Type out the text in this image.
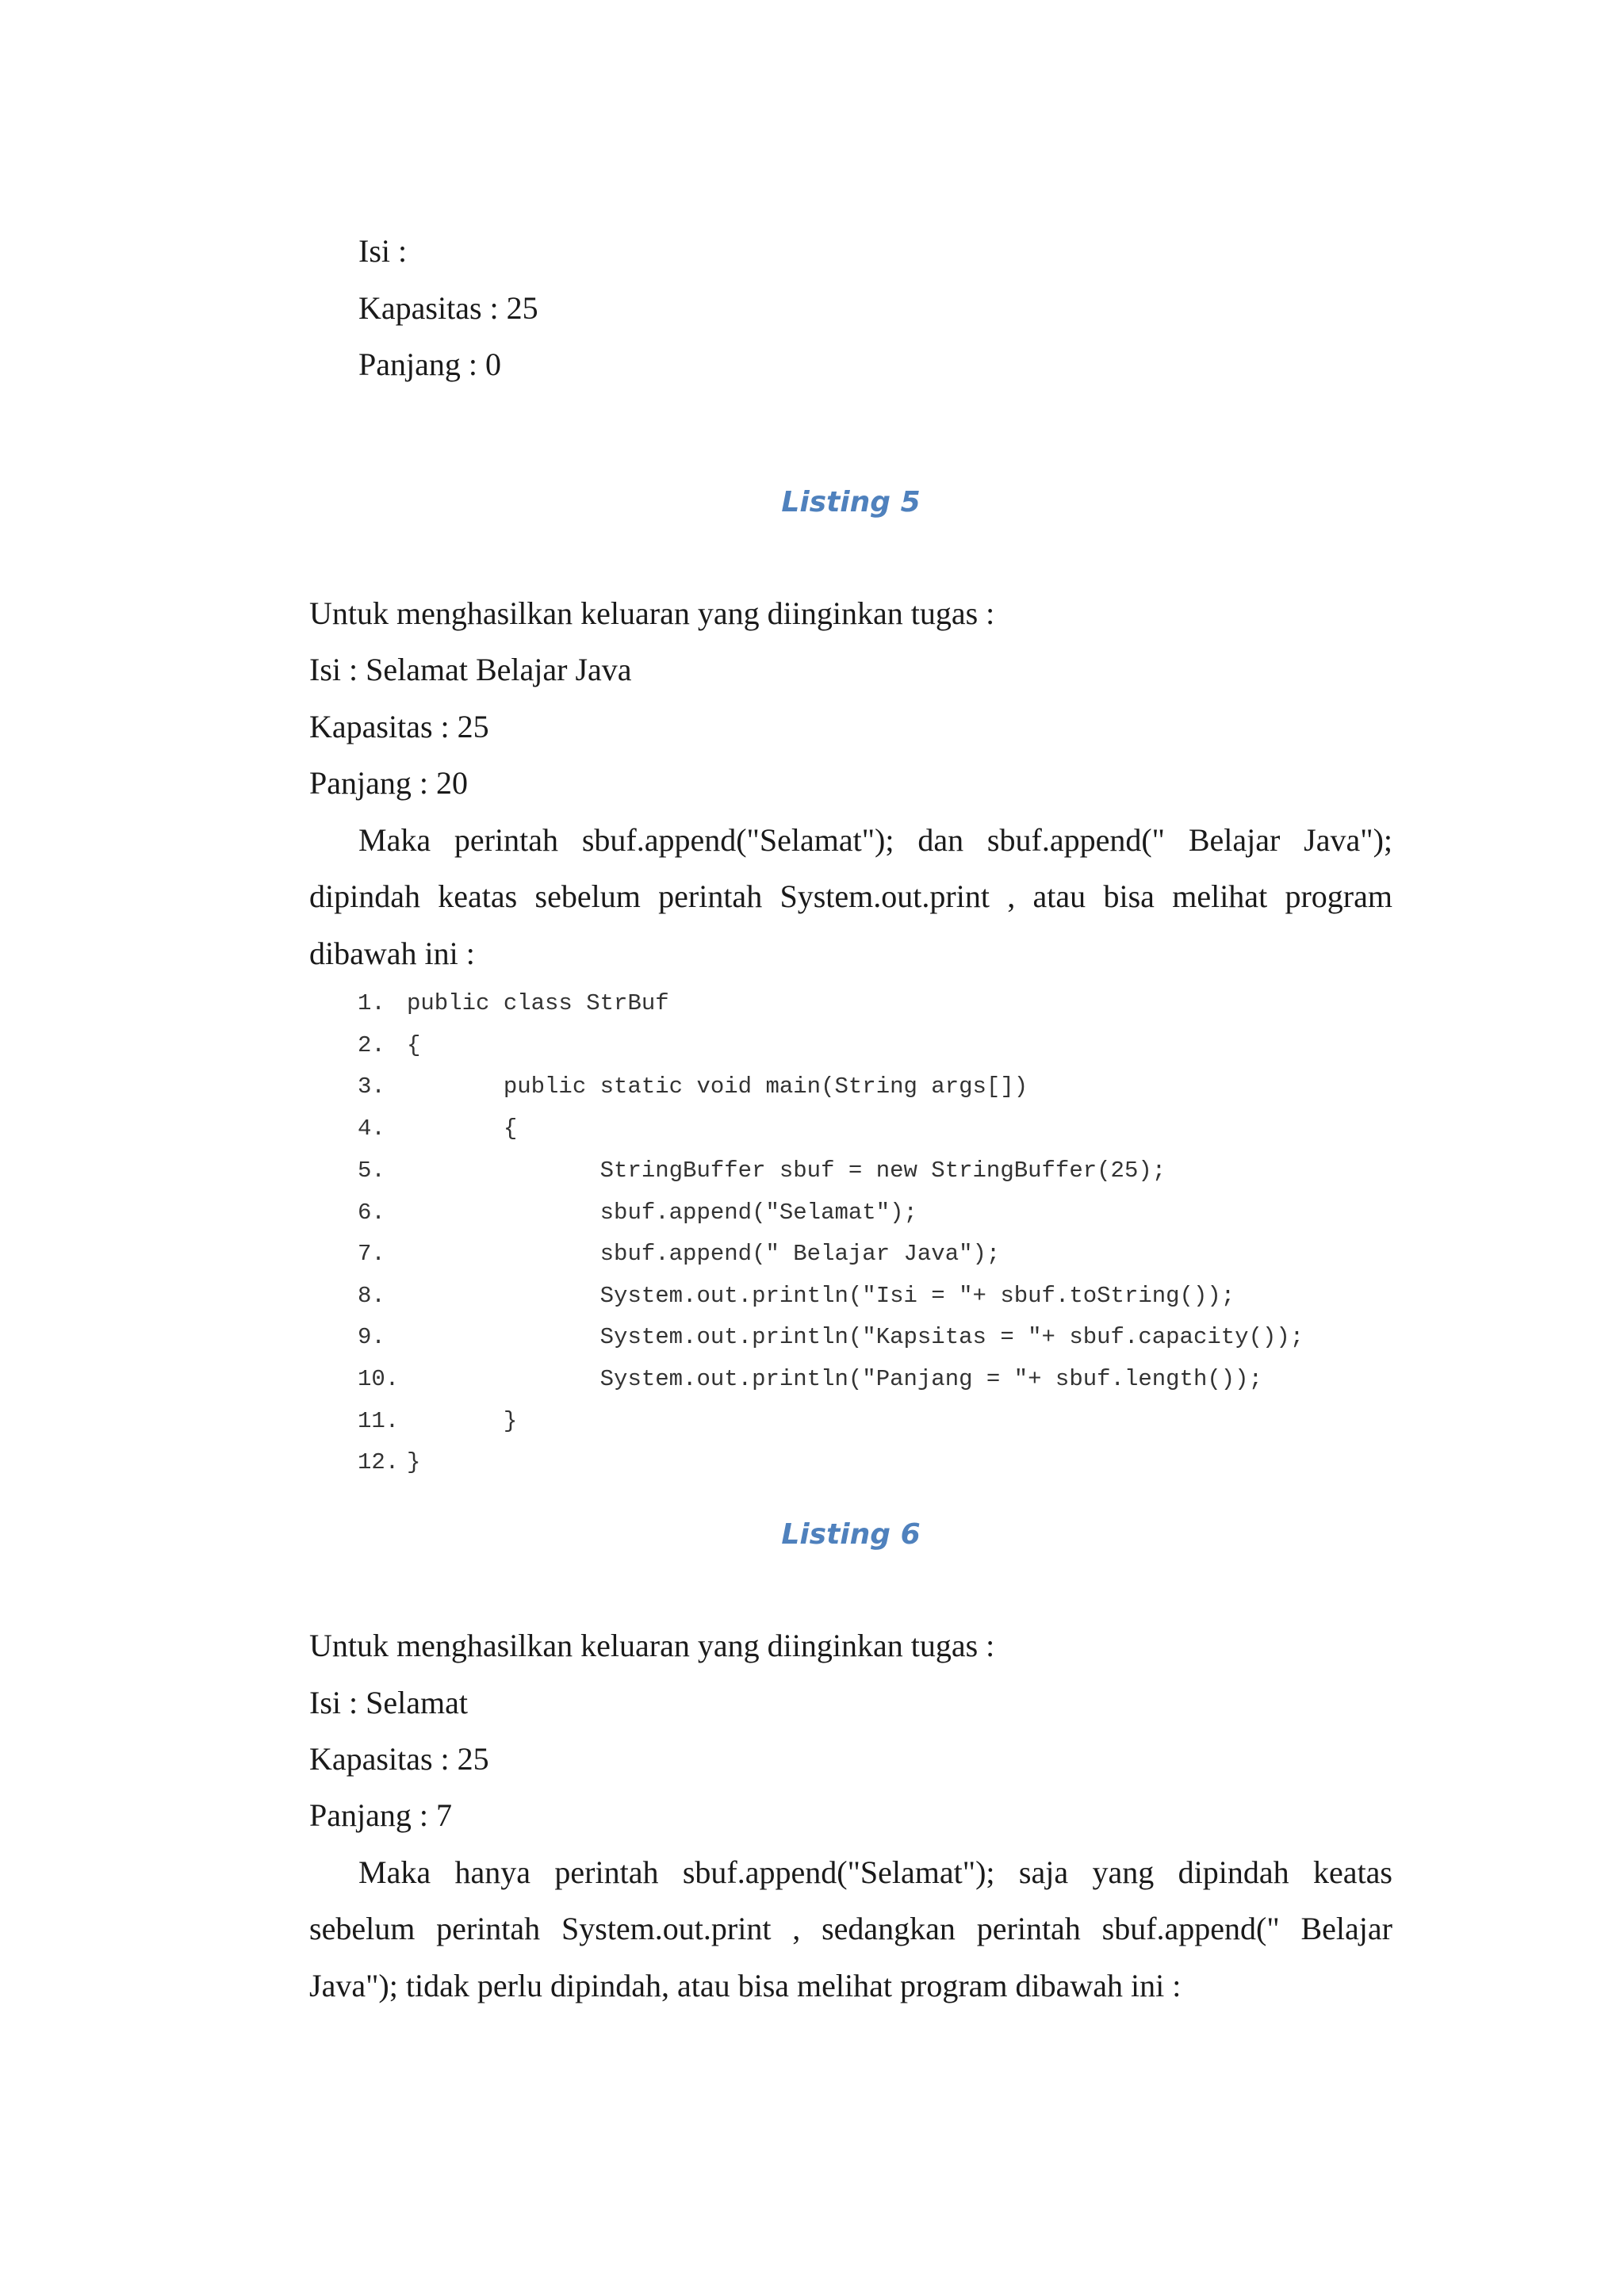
Isi :
Kapasitas : 25
Panjang : 0
Listing 5
Untuk menghasilkan keluaran yang diinginkan tugas :
Isi : Selamat Belajar Java
Kapasitas : 25
Panjang : 20
Maka perintah sbuf.append("Selamat"); dan sbuf.append(" Belajar Java");
dipindah keatas sebelum perintah System.out.print , atau bisa melihat program
dibawah ini :
1. public class StrBuf
2. {
3.       public static void main(String args[])
4.       {
5.              StringBuffer sbuf = new StringBuffer(25);
6.              sbuf.append("Selamat");
7.              sbuf.append(" Belajar Java");
8.              System.out.println("Isi = "+ sbuf.toString());
9.              System.out.println("Kapsitas = "+ sbuf.capacity());
10.              System.out.println("Panjang = "+ sbuf.length());
11.       }
12. }
Listing 6
Untuk menghasilkan keluaran yang diinginkan tugas :
Isi : Selamat
Kapasitas : 25
Panjang : 7
Maka hanya perintah sbuf.append("Selamat"); saja yang dipindah keatas
sebelum perintah System.out.print , sedangkan perintah sbuf.append(" Belajar
Java"); tidak perlu dipindah, atau bisa melihat program dibawah ini :
